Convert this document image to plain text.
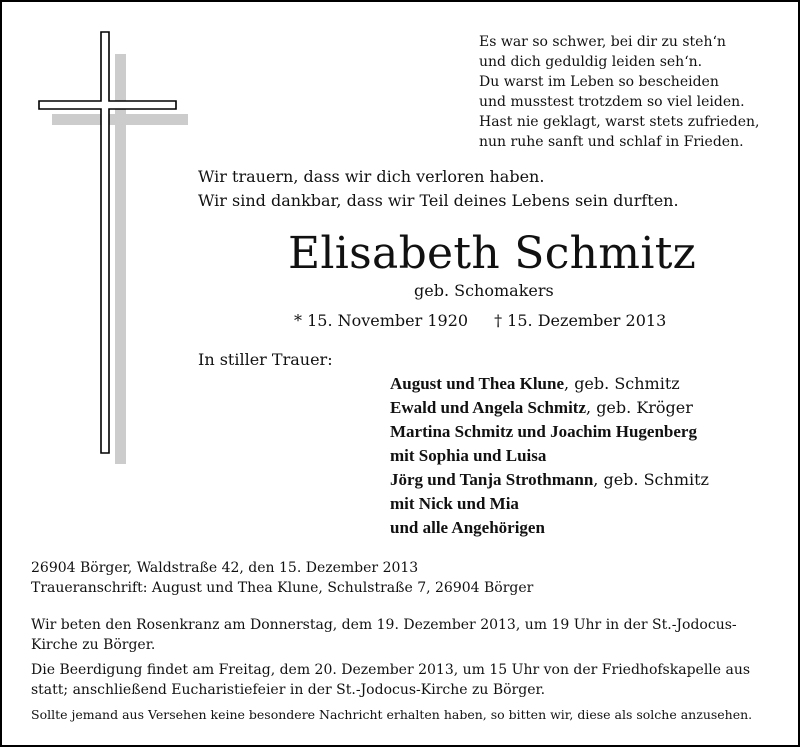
Es war so schwer, bei dir zu steh‘n
und dich geduldig leiden seh‘n.
Du warst im Leben so bescheiden
und musstest trotzdem so viel leiden.
Hast nie geklagt, warst stets zufrieden,
nun ruhe sanft und schlaf in Frieden.
Wir trauern, dass wir dich verloren haben.
Wir sind dankbar, dass wir Teil deines Lebens sein durften.
Elisabeth Schmitz
geb. Schomakers
* 15. November 1920 † 15. Dezember 2013
In stiller Trauer:
August und Thea Klune, geb. Schmitz
Ewald und Angela Schmitz, geb. Kröger
Martina Schmitz und Joachim Hugenberg
mit Sophia und Luisa
Jörg und Tanja Strothmann, geb. Schmitz
mit Nick und Mia
und alle Angehörigen
26904 Börger, Waldstraße 42, den 15. Dezember 2013
Traueranschrift: August und Thea Klune, Schulstraße 7, 26904 Börger
Wir beten den Rosenkranz am Donnerstag, dem 19. Dezember 2013, um 19 Uhr in der St.-Jodocus-Kirche zu Börger.
Die Beerdigung findet am Freitag, dem 20. Dezember 2013, um 15 Uhr von der Friedhofskapelle aus statt; anschließend Eucharistiefeier in der St.-Jodocus-Kirche zu Börger.
Sollte jemand aus Versehen keine besondere Nachricht erhalten haben, so bitten wir, diese als solche anzusehen.
